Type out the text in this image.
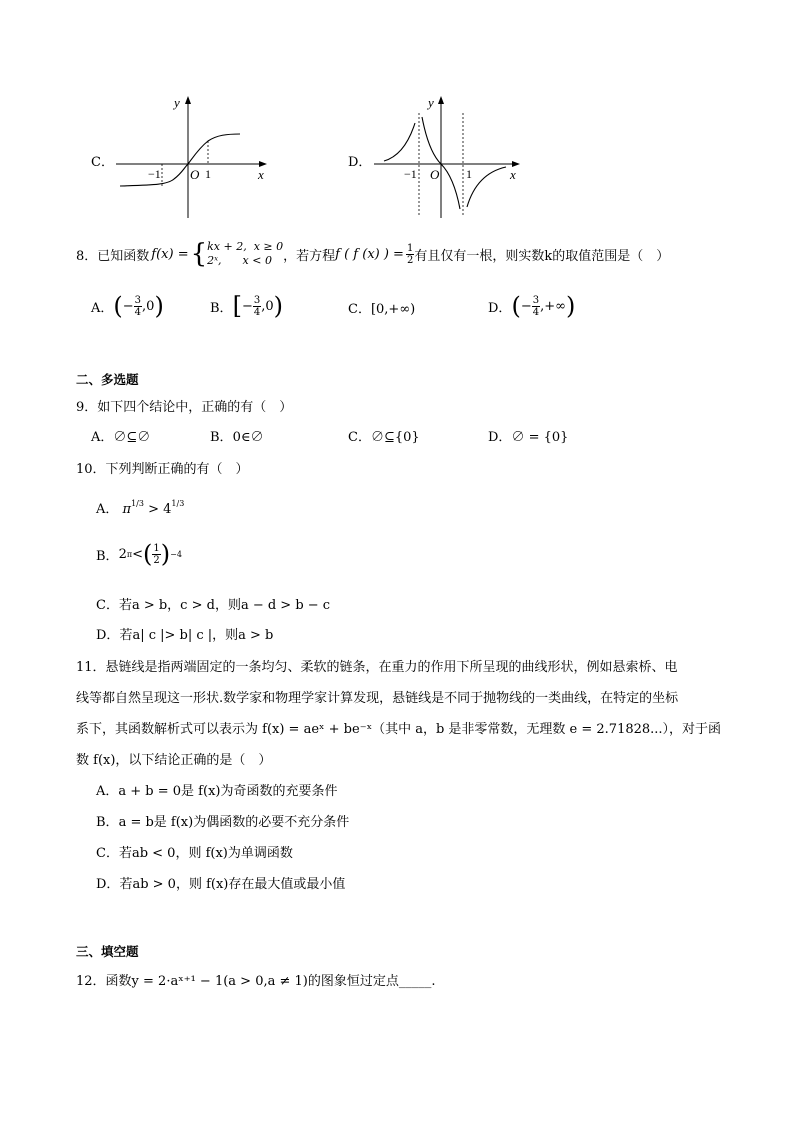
C．
y
x
O
−1	1
D．
y
x
O
−1	1
8．已知函数 f(x) = { kx + 2, x ≥ 0
2ˣ, x < 0 ，若方程 f ( f (x) ) = $\frac{1}{2}$ 有且仅有一根，则实数k的取值范围是（　）
A． ( − $\frac{3}{4} ,0$ )	B． [ − $\frac{3}{4} ,0$ )	C．[0,+∞)	D． ( − $\frac{3}{4}$ ,+∞ )
二、多选题
9．如下四个结论中，正确的有（　）
A．∅⊆∅	B．0∈∅	C．∅⊆{0}	D．∅ = {0}
10．下列判断正确的有（　）
A． $\pi^{1/3} > 4^{1/3}$
B． 2 π < ( $\frac{1}{2}$ ) −4
C．若a > b，c > d，则a − d > b − c
D．若a| c |> b| c |，则a > b
11．悬链线是指两端固定的一条均匀、柔软的链条，在重力的作用下所呈现的曲线形状，例如悬索桥、电
线等都自然呈现这一形状.数学家和物理学家计算发现，悬链线是不同于抛物线的一类曲线，在特定的坐标
系下，其函数解析式可以表示为 f(x) = aeˣ + be⁻ˣ（其中 a，b 是非零常数，无理数 e = 2.71828...），对于函
数 f(x)，以下结论正确的是（　）
A．a + b = 0是 f(x)为奇函数的充要条件
B．a = b是 f(x)为偶函数的必要不充分条件
C．若ab < 0，则 f(x)为单调函数
D．若ab > 0，则 f(x)存在最大值或最小值
三、填空题
12．函数y = 2·aˣ⁺¹ − 1(a > 0,a ≠ 1)的图象恒过定点_____.
